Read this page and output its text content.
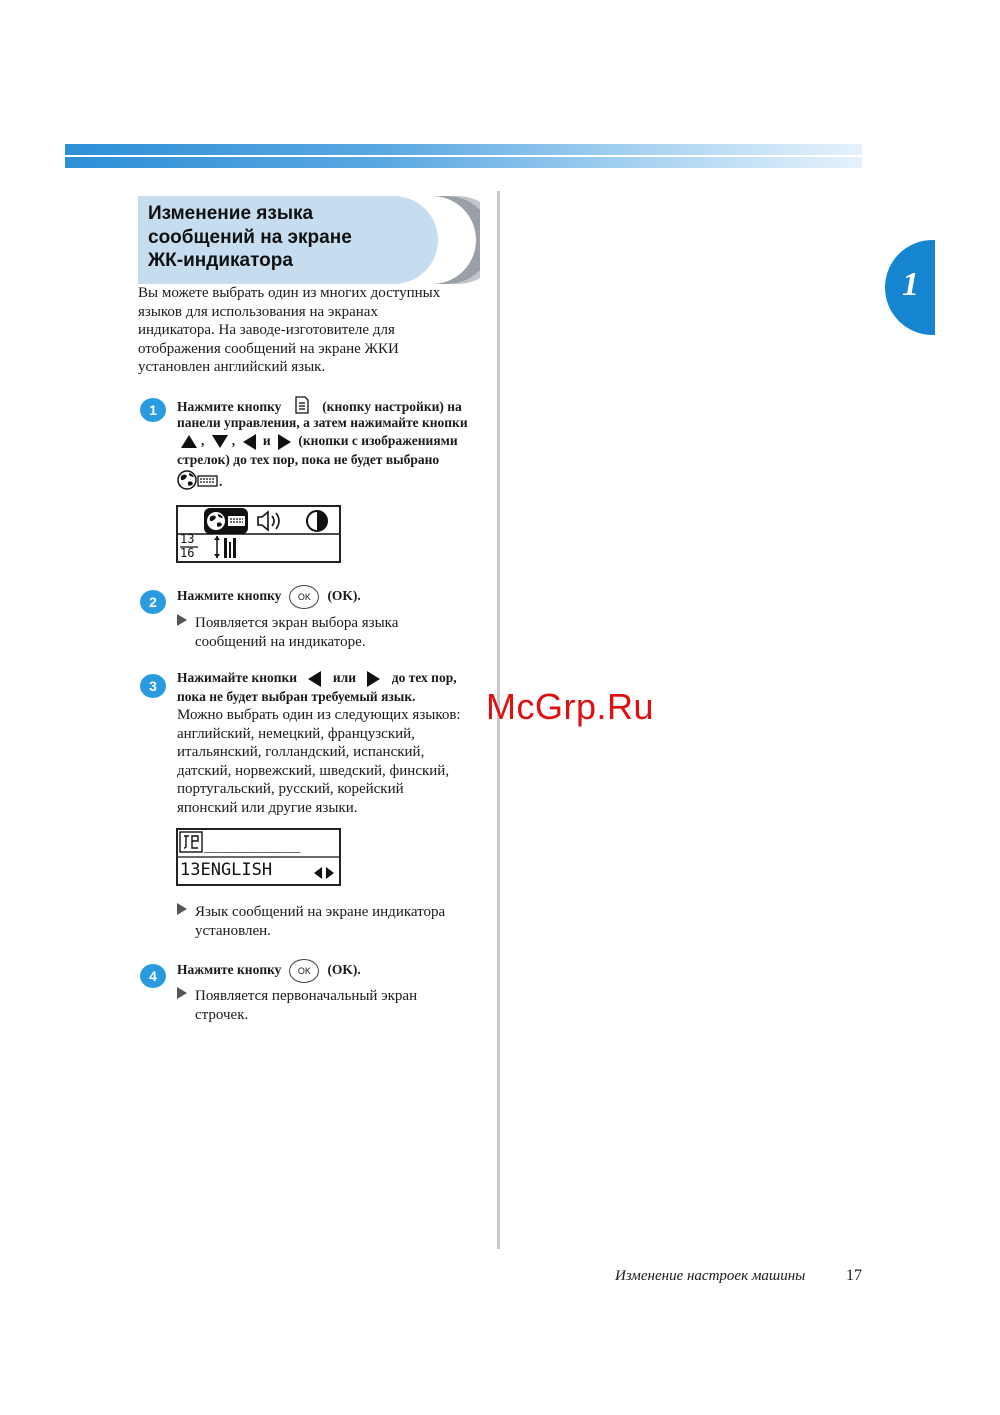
1
Изменение языка
сообщений на экране
ЖК-индикатора
Вы можете выбрать один из многих доступных
языков для использования на экранах
индикатора. На заводе-изготовителе для
отображения сообщений на экране ЖКИ
установлен английский язык.
1 Нажмите кнопку	(кнопку настройки) на
панели управления, а затем нажимайте кнопки
, , и (кнопки с изображениями
стрелок) до тех пор, пока не будет выбрано
.
13
16
2 Нажмите кнопку OK (OK).
Появляется экран выбора языка
сообщений на индикаторе.
3
Нажимайте кнопки	или	до тех пор,
пока не будет выбран требуемый язык.
Можно выбрать один из следующих языков:
английский, немецкий, французский,
итальянский, голландский, испанский,
датский, норвежский, шведский, финский,
португальский, русский, корейский
японский или другие языки.
__________
13ENGLISH
Язык сообщений на экране индикатора
установлен.
4 Нажмите кнопку OK (OK).
Появляется первоначальный экран
строчек.
McGrp.Ru
Изменение настроек машины	17
